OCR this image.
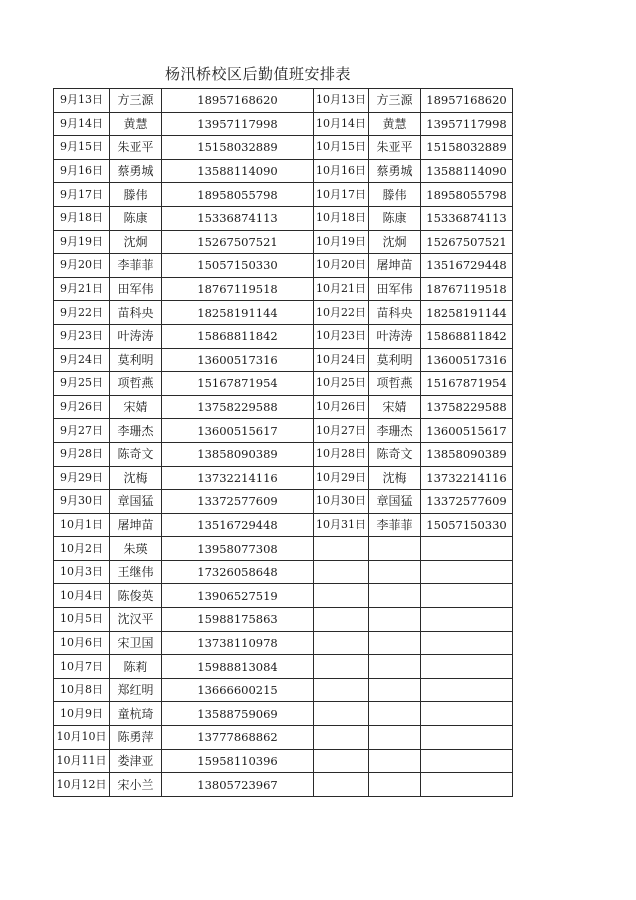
杨汛桥校区后勤值班安排表
9月13日	方三源	18957168620	10月13日	方三源	18957168620
9月14日	黄慧	13957117998	10月14日	黄慧	13957117998
9月15日	朱亚平	15158032889	10月15日	朱亚平	15158032889
9月16日	蔡勇城	13588114090	10月16日	蔡勇城	13588114090
9月17日	滕伟	18958055798	10月17日	滕伟	18958055798
9月18日	陈康	15336874113	10月18日	陈康	15336874113
9月19日	沈炯	15267507521	10月19日	沈炯	15267507521
9月20日	李菲菲	15057150330	10月20日	屠坤苗	13516729448
9月21日	田军伟	18767119518	10月21日	田军伟	18767119518
9月22日	苗科央	18258191144	10月22日	苗科央	18258191144
9月23日	叶涛涛	15868811842	10月23日	叶涛涛	15868811842
9月24日	莫利明	13600517316	10月24日	莫利明	13600517316
9月25日	项哲燕	15167871954	10月25日	项哲燕	15167871954
9月26日	宋婧	13758229588	10月26日	宋婧	13758229588
9月27日	李珊杰	13600515617	10月27日	李珊杰	13600515617
9月28日	陈奇文	13858090389	10月28日	陈奇文	13858090389
9月29日	沈梅	13732214116	10月29日	沈梅	13732214116
9月30日	章国猛	13372577609	10月30日	章国猛	13372577609
10月1日	屠坤苗	13516729448	10月31日	李菲菲	15057150330
10月2日	朱瑛	13958077308			
10月3日	王继伟	17326058648			
10月4日	陈俊英	13906527519			
10月5日	沈汉平	15988175863			
10月6日	宋卫国	13738110978			
10月7日	陈莉	15988813084			
10月8日	郑红明	13666600215			
10月9日	童杭琦	13588759069			
10月10日	陈勇萍	13777868862			
10月11日	娄津亚	15958110396			
10月12日	宋小兰	13805723967			
